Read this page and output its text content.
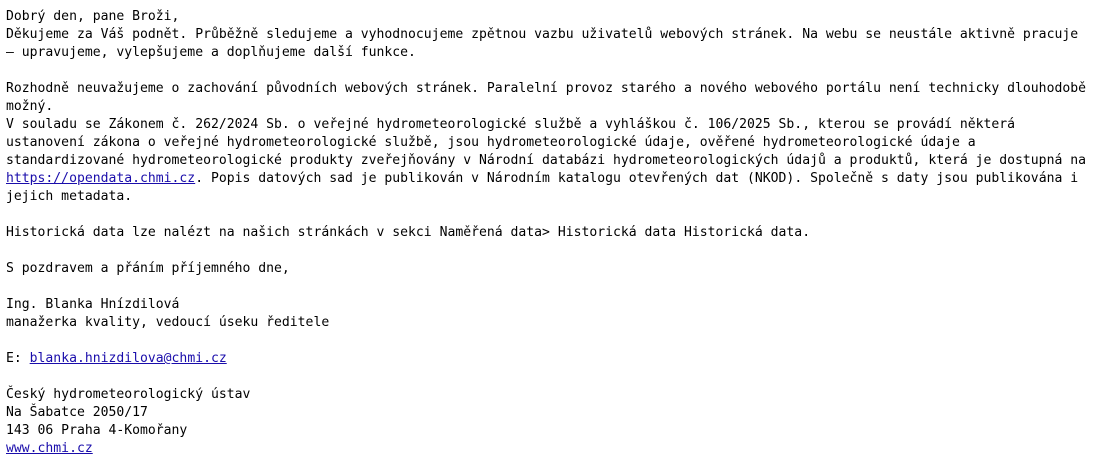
Dobrý den, pane Broži,

Děkujeme za Váš podnět. Průběžně sledujeme a vyhodnocujeme zpětnou vazbu uživatelů webových stránek. Na webu se neustále aktivně pracuje – upravujeme, vylepšujeme a doplňujeme další funkce.

Rozhodně neuvažujeme o zachování původních webových stránek. Paralelní provoz starého a nového webového portálu není technicky dlouhodobě možný.

V souladu se Zákonem č. 262/2024 Sb. o veřejné hydrometeorologické službě a vyhláškou č. 106/2025 Sb., kterou se provádí některá ustanovení zákona o veřejné hydrometeorologické službě, jsou hydrometeorologické údaje, ověřené hydrometeorologické údaje a standardizované hydrometeorologické produkty zveřejňovány v Národní databázi hydrometeorologických údajů a produktů, která je dostupná na https://opendata.chmi.cz. Popis datových sad je publikován v Národním katalogu otevřených dat (NKOD). Společně s daty jsou publikována i jejich metadata.

Historická data lze nalézt na našich stránkách v sekci Naměřená data> Historická data Historická data.

S pozdravem a přáním příjemného dne,

Ing. Blanka Hnízdilová

manažerka kvality, vedoucí úseku ředitele

E: blanka.hnizdilova@chmi.cz

Český hydrometeorologický ústav

Na Šabatce 2050/17

143 06 Praha 4-Komořany

www.chmi.cz
